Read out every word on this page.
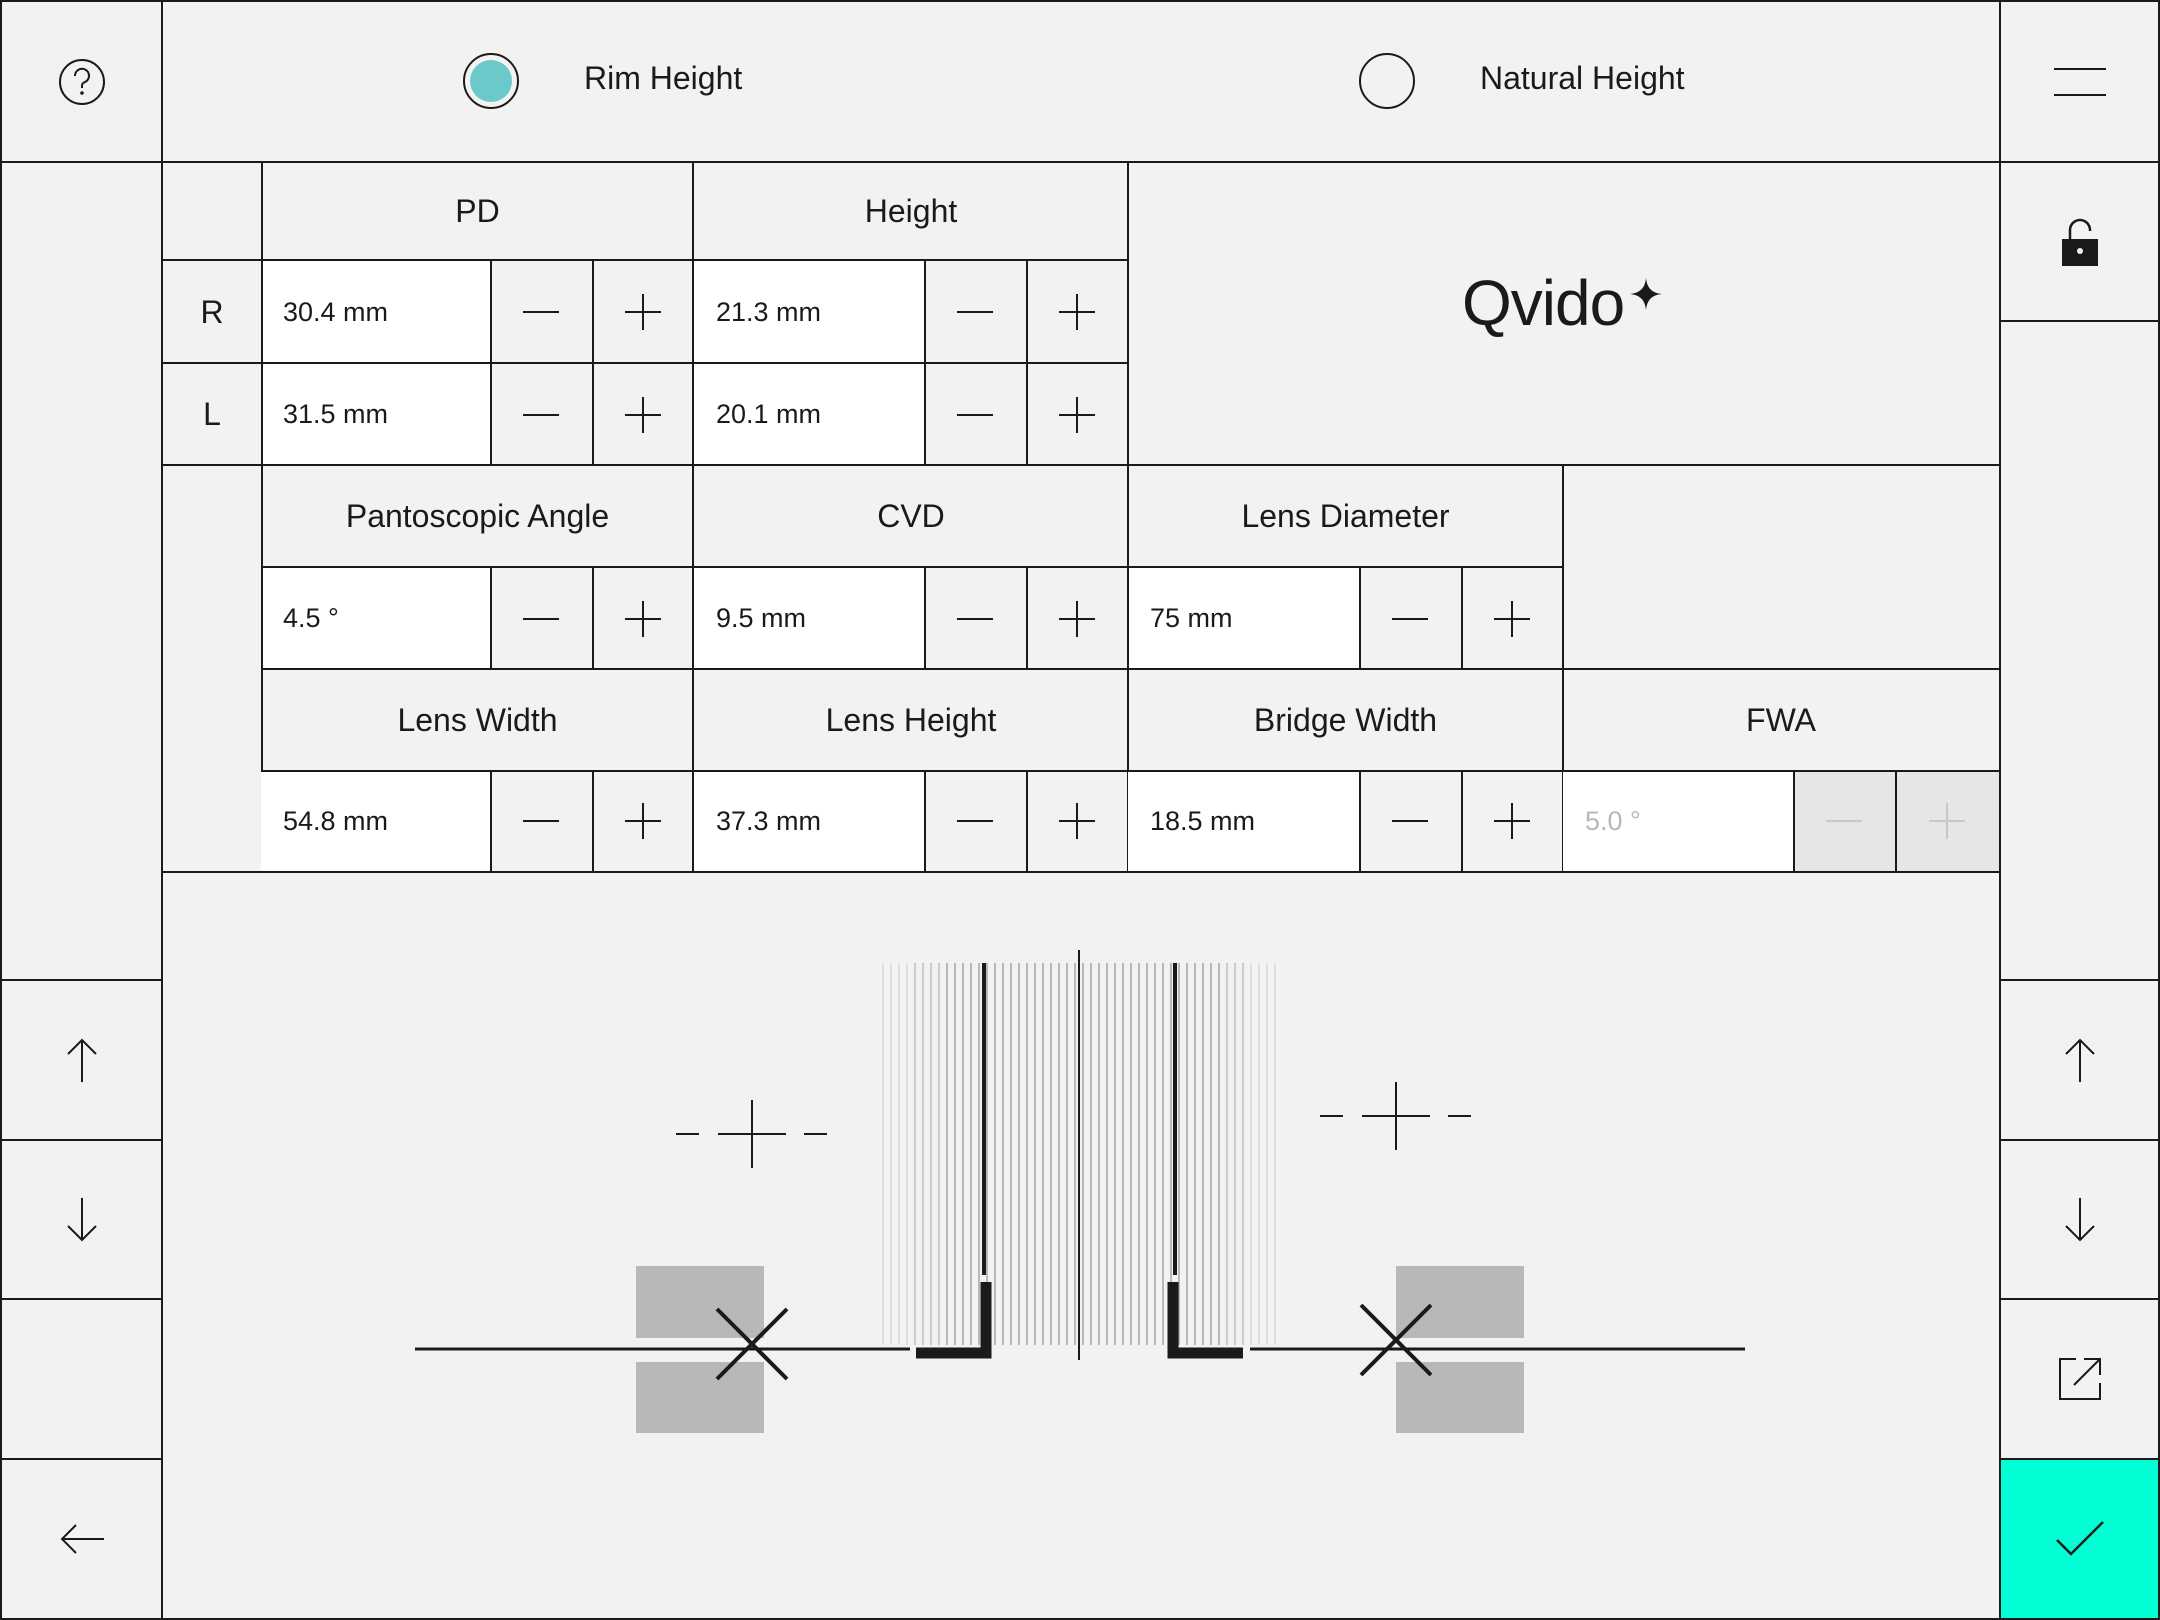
Rim Height	Natural Height
Qvido
PD	Height
R	30.4 mm	21.3 mm
L	31.5 mm	20.1 mm
Pantoscopic Angle
4.5 °
CVD
9.5 mm
Lens Diameter
75 mm
Lens Width
54.8 mm
Lens Height
37.3 mm
Bridge Width
18.5 mm
FWA
5.0 °
